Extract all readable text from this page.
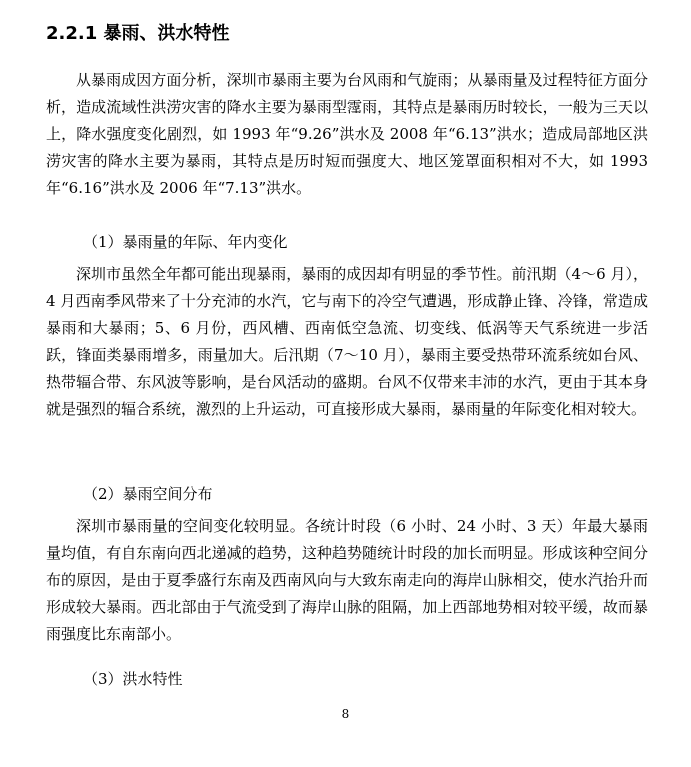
2.2.1 暴雨、洪水特性

从暴雨成因方面分析，深圳市暴雨主要为台风雨和气旋雨；从暴雨量及过程特征方面分析，造成流域性洪涝灾害的降水主要为暴雨型霪雨，其特点是暴雨历时较长，一般为三天以上，降水强度变化剧烈，如 1993 年“9.26”洪水及 2008 年“6.13”洪水；造成局部地区洪涝灾害的降水主要为暴雨，其特点是历时短而强度大、地区笼罩面积相对不大，如 1993 年“6.16”洪水及 2006 年“7.13”洪水。

（1）暴雨量的年际、年内变化

深圳市虽然全年都可能出现暴雨，暴雨的成因却有明显的季节性。前汛期（4～6 月），4 月西南季风带来了十分充沛的水汽，它与南下的冷空气遭遇，形成静止锋、冷锋，常造成暴雨和大暴雨；5、6 月份，西风槽、西南低空急流、切变线、低涡等天气系统进一步活跃，锋面类暴雨增多，雨量加大。后汛期（7～10 月），暴雨主要受热带环流系统如台风、热带辐合带、东风波等影响，是台风活动的盛期。台风不仅带来丰沛的水汽，更由于其本身就是强烈的辐合系统，激烈的上升运动，可直接形成大暴雨，暴雨量的年际变化相对较大。

（2）暴雨空间分布

深圳市暴雨量的空间变化较明显。各统计时段（6 小时、24 小时、3 天）年最大暴雨量均值，有自东南向西北递减的趋势，这种趋势随统计时段的加长而明显。形成该种空间分布的原因，是由于夏季盛行东南及西南风向与大致东南走向的海岸山脉相交，使水汽抬升而形成较大暴雨。西北部由于气流受到了海岸山脉的阻隔，加上西部地势相对较平缓，故而暴雨强度比东南部小。

（3）洪水特性

8
